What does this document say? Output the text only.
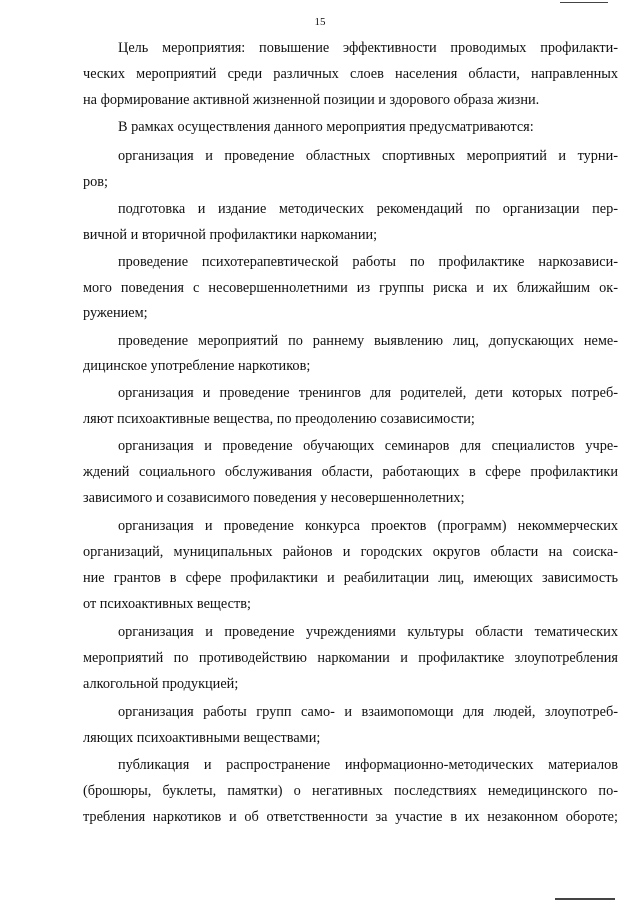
15
Цель мероприятия: повышение эффективности проводимых профилакти-
ческих мероприятий среди различных слоев населения области, направленных
на формирование активной жизненной позиции и здорового образа жизни.
В рамках осуществления данного мероприятия предусматриваются:
организация и проведение областных спортивных мероприятий и турни-
ров;
подготовка и издание методических рекомендаций по организации пер-
вичной и вторичной профилактики наркомании;
проведение психотерапевтической работы по профилактике наркозависи-
мого поведения с несовершеннолетними из группы риска и их ближайшим ок-
ружением;
проведение мероприятий по раннему выявлению лиц, допускающих неме-
дицинское употребление наркотиков;
организация и проведение тренингов для родителей, дети которых потреб-
ляют психоактивные вещества, по преодолению созависимости;
организация и проведение обучающих семинаров для специалистов учре-
ждений социального обслуживания области, работающих в сфере профилактики
зависимого и созависимого поведения у несовершеннолетних;
организация и проведение конкурса проектов (программ) некоммерческих
организаций, муниципальных районов и городских округов области на соиска-
ние грантов в сфере профилактики и реабилитации лиц, имеющих зависимость
от психоактивных веществ;
организация и проведение учреждениями культуры области тематических
мероприятий по противодействию наркомании и профилактике злоупотребления
алкогольной продукцией;
организация работы групп само- и взаимопомощи для людей, злоупотреб-
ляющих психоактивными веществами;
публикация и распространение информационно-методических материалов
(брошюры, буклеты, памятки) о негативных последствиях немедицинского по-
требления наркотиков и об ответственности за участие в их незаконном обороте;
